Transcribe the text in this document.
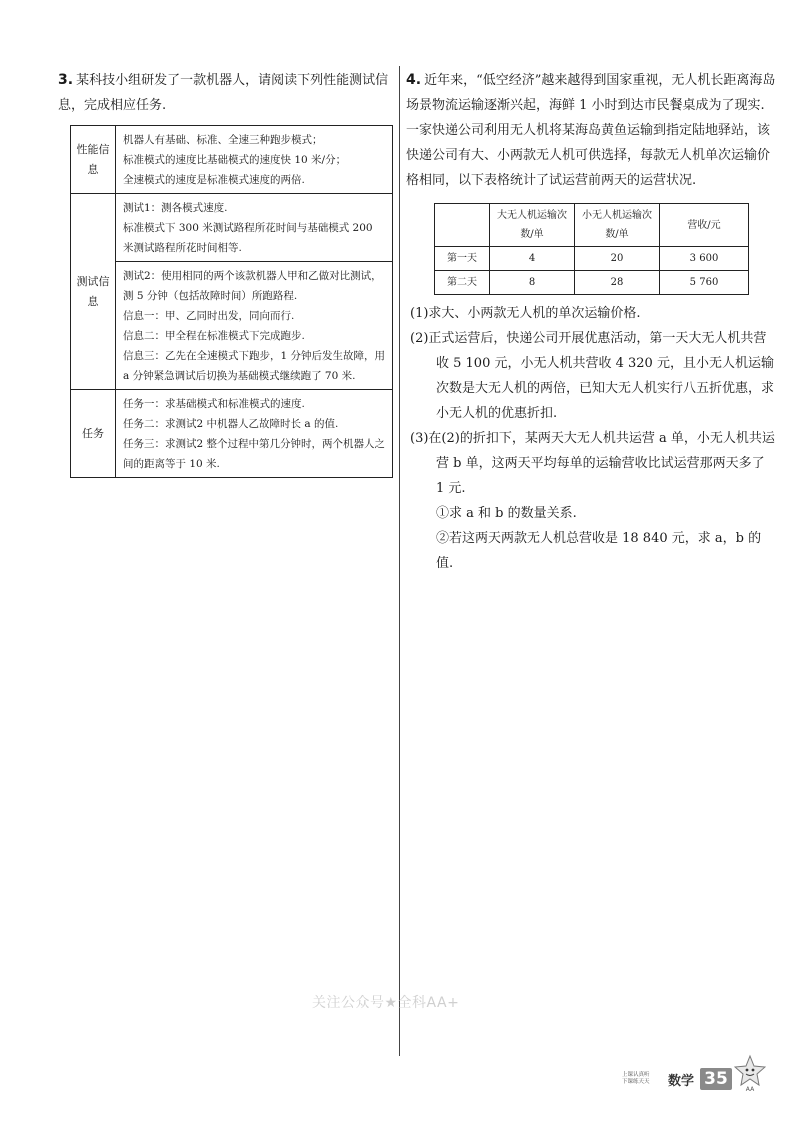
3. 某科技小组研发了一款机器人，请阅读下列性能测试信息，完成相应任务.

性能信息	机器人有基础、标准、全速三种跑步模式；

标准模式的速度比基础模式的速度快 10 米/分；

全速模式的速度是标准模式速度的两倍.

测试信息	测试1：测各模式速度.

标准模式下 300 米测试路程所花时间与基础模式 200 米测试路程所花时间相等.

	测试2：使用相同的两个该款机器人甲和乙做对比测试，测 5 分钟（包括故障时间）所跑路程.

信息一：甲、乙同时出发，同向而行.

信息二：甲全程在标准模式下完成跑步.

信息三：乙先在全速模式下跑步，1 分钟后发生故障，用 a 分钟紧急调试后切换为基础模式继续跑了 70 米.

任务	任务一：求基础模式和标准模式的速度.

任务二：求测试2 中机器人乙故障时长 a 的值.

任务三：求测试2 整个过程中第几分钟时，两个机器人之间的距离等于 10 米.

4. 近年来，“低空经济”越来越得到国家重视，无人机长距离海岛场景物流运输逐渐兴起，海鲜 1 小时到达市民餐桌成为了现实. 一家快递公司利用无人机将某海岛黄鱼运输到指定陆地驿站，该快递公司有大、小两款无人机可供选择，每款无人机单次运输价格相同，以下表格统计了试运营前两天的运营状况.

	大无人机运输次数/单	小无人机运输次数/单	营收/元
第一天	4	20	3 600
第二天	8	28	5 760

(1)求大、小两款无人机的单次运输价格.

(2)正式运营后，快递公司开展优惠活动，第一天大无人机共营收 5 100 元，小无人机共营收 4 320 元，且小无人机运输次数是大无人机的两倍，已知大无人机实行八五折优惠，求小无人机的优惠折扣.

(3)在(2)的折扣下，某两天大无人机共运营 a 单，小无人机共运营 b 单，这两天平均每单的运输营收比试运营那两天多了 1 元.

①求 a 和 b 的数量关系.

②若这两天两款无人机总营收是 18 840 元，求 a，b 的值.

关注公众号★全科AA+
上课认真听
下课练天天	数学 35
AA
